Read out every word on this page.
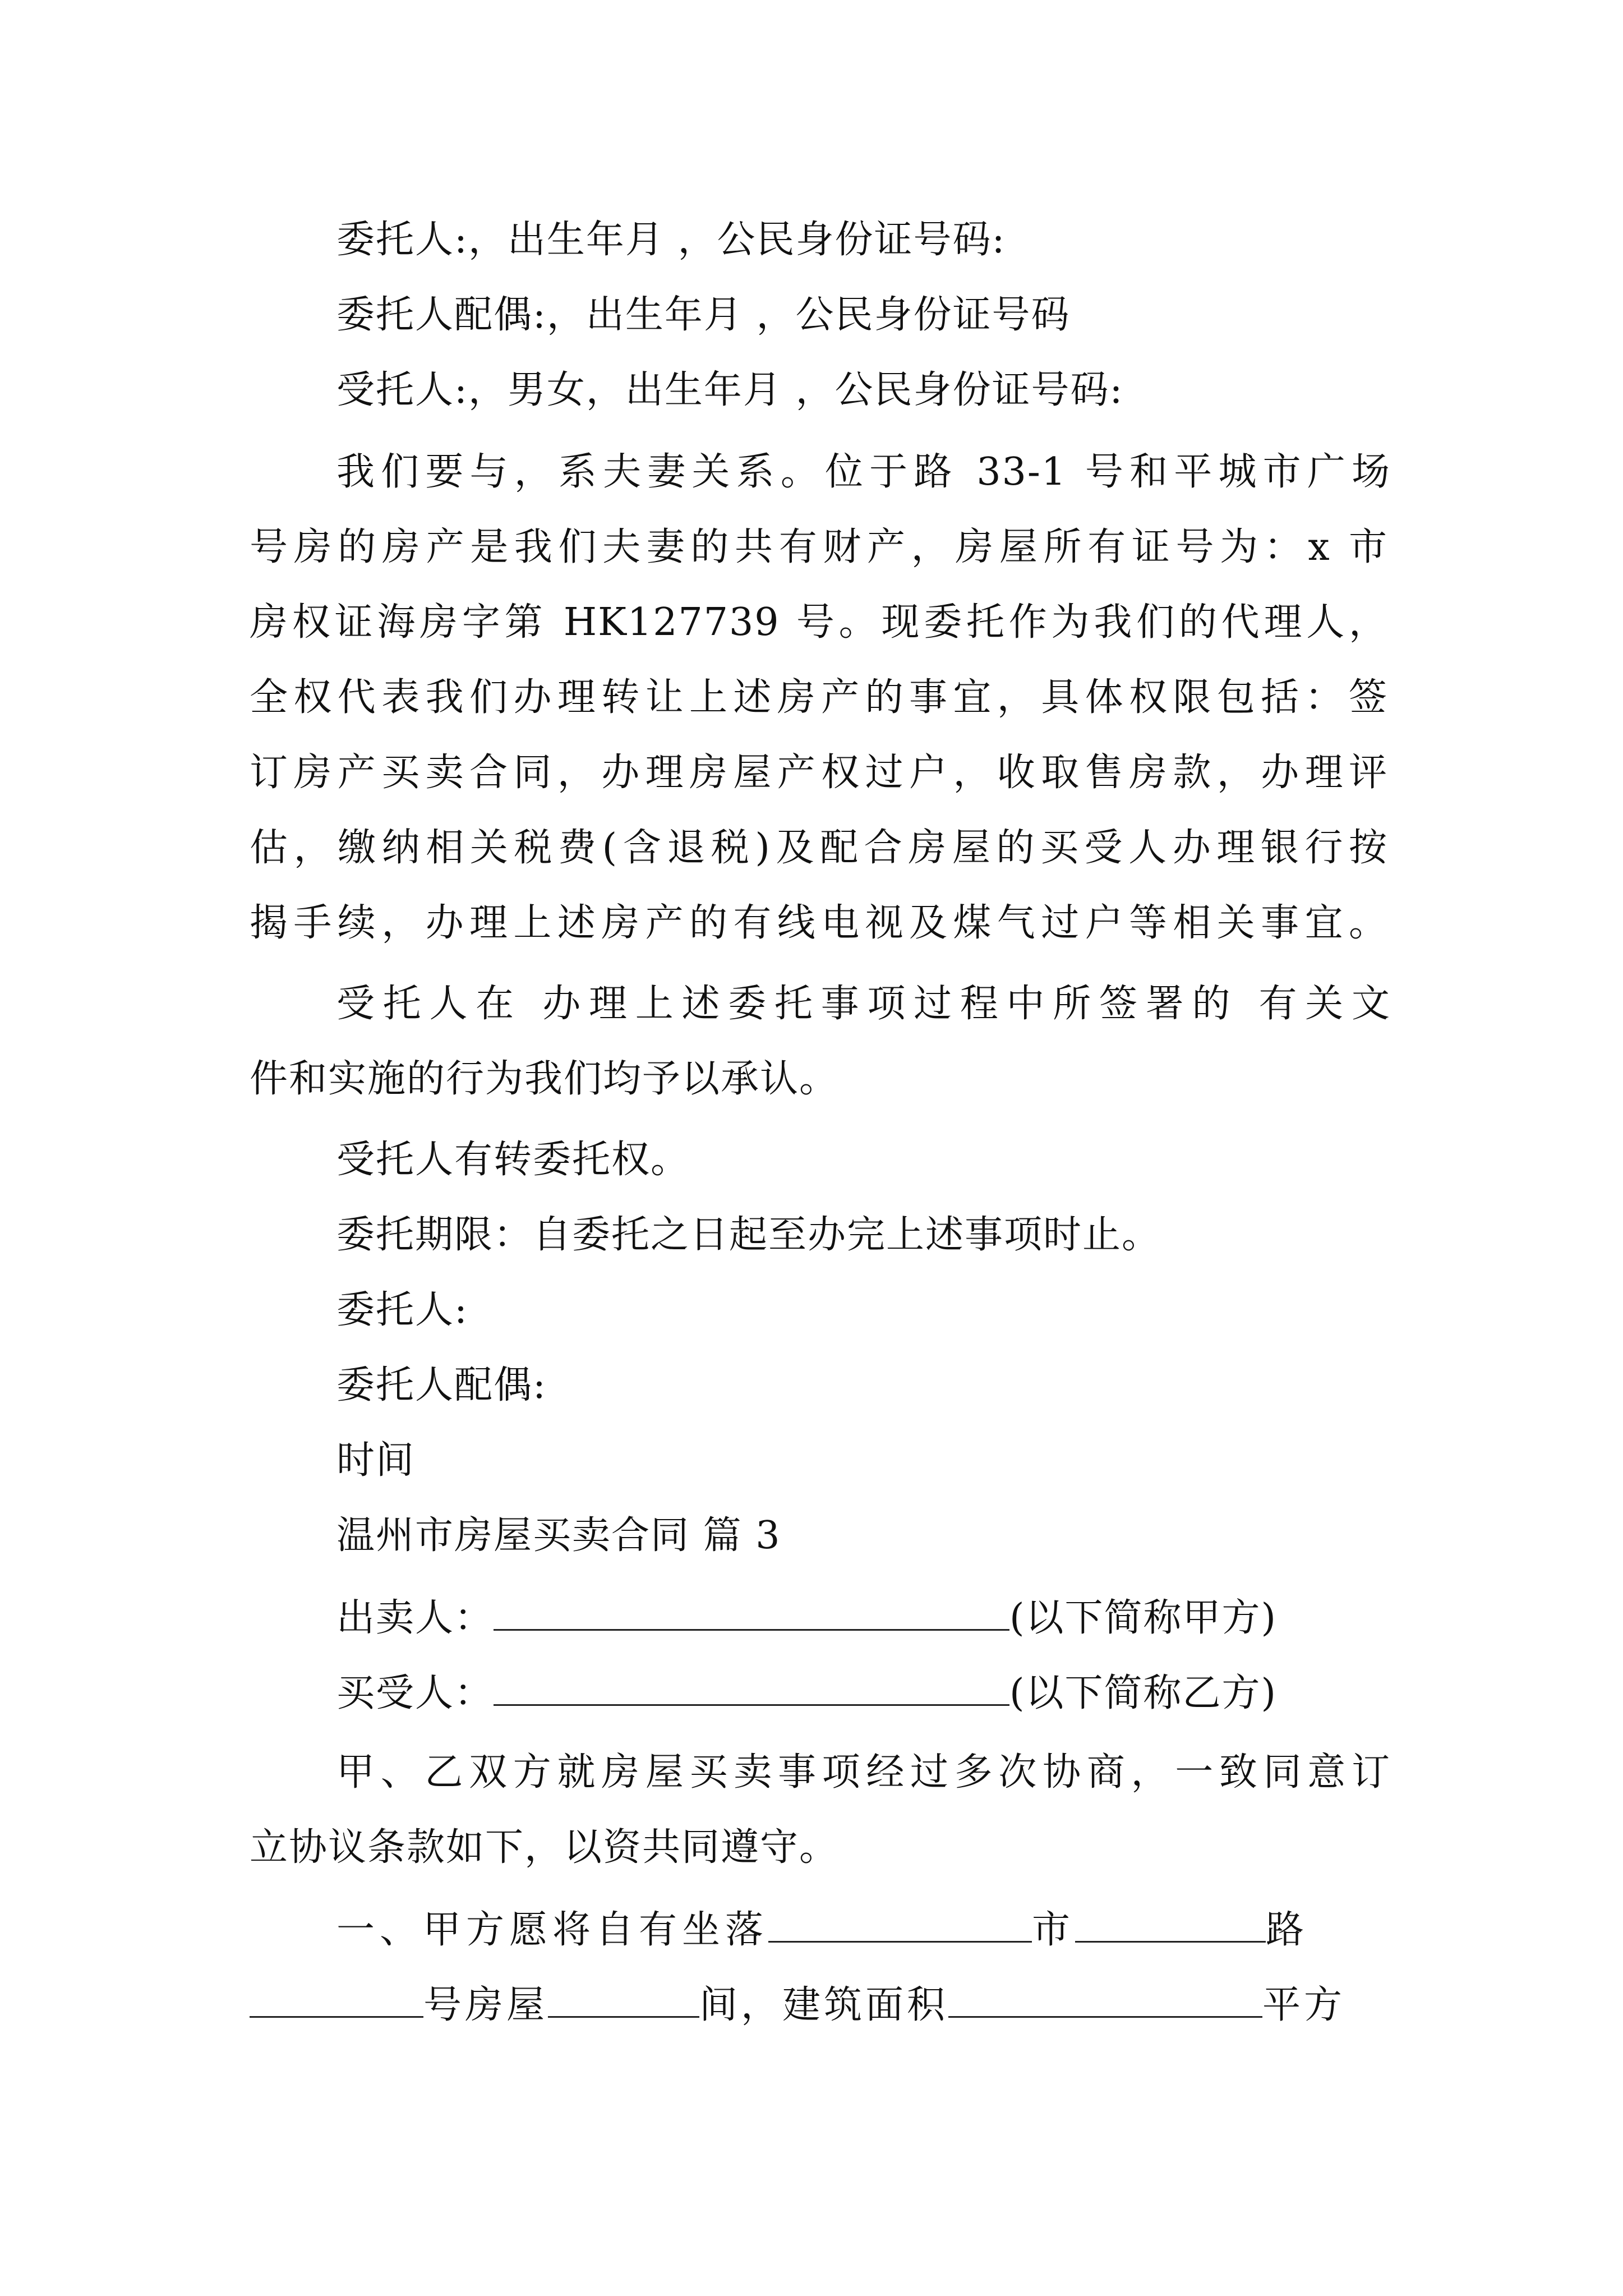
委托人:，出生年月 ，公民身份证号码:
委托人配偶:，出生年月 ，公民身份证号码
受托人:，男女，出生年月 ，公民身份证号码:
我们要与，系夫妻关系。位于路 33-1 号和平城市广场
号房的房产是我们夫妻的共有财产，房屋所有证号为：x 市
房权证海房字第 HK127739 号。现委托作为我们的代理人，
全权代表我们办理转让上述房产的事宜，具体权限包括：签
订房产买卖合同，办理房屋产权过户，收取售房款，办理评
估，缴纳相关税费(含退税)及配合房屋的买受人办理银行按
揭手续，办理上述房产的有线电视及煤气过户等相关事宜。
受托人在 办理上述委托事项过程中所签署的 有关文
件和实施的行为我们均予以承认。
受托人有转委托权。
委托期限：自委托之日起至办完上述事项时止。
委托人:
委托人配偶:
时间
温州市房屋买卖合同 篇 3
出卖人：	(以下简称甲方)
买受人：	(以下简称乙方)
甲、乙双方就房屋买卖事项经过多次协商，一致同意订
立协议条款如下，以资共同遵守。
一、甲方愿将自有坐落	市	路
号房屋	间，建筑面积	平方
